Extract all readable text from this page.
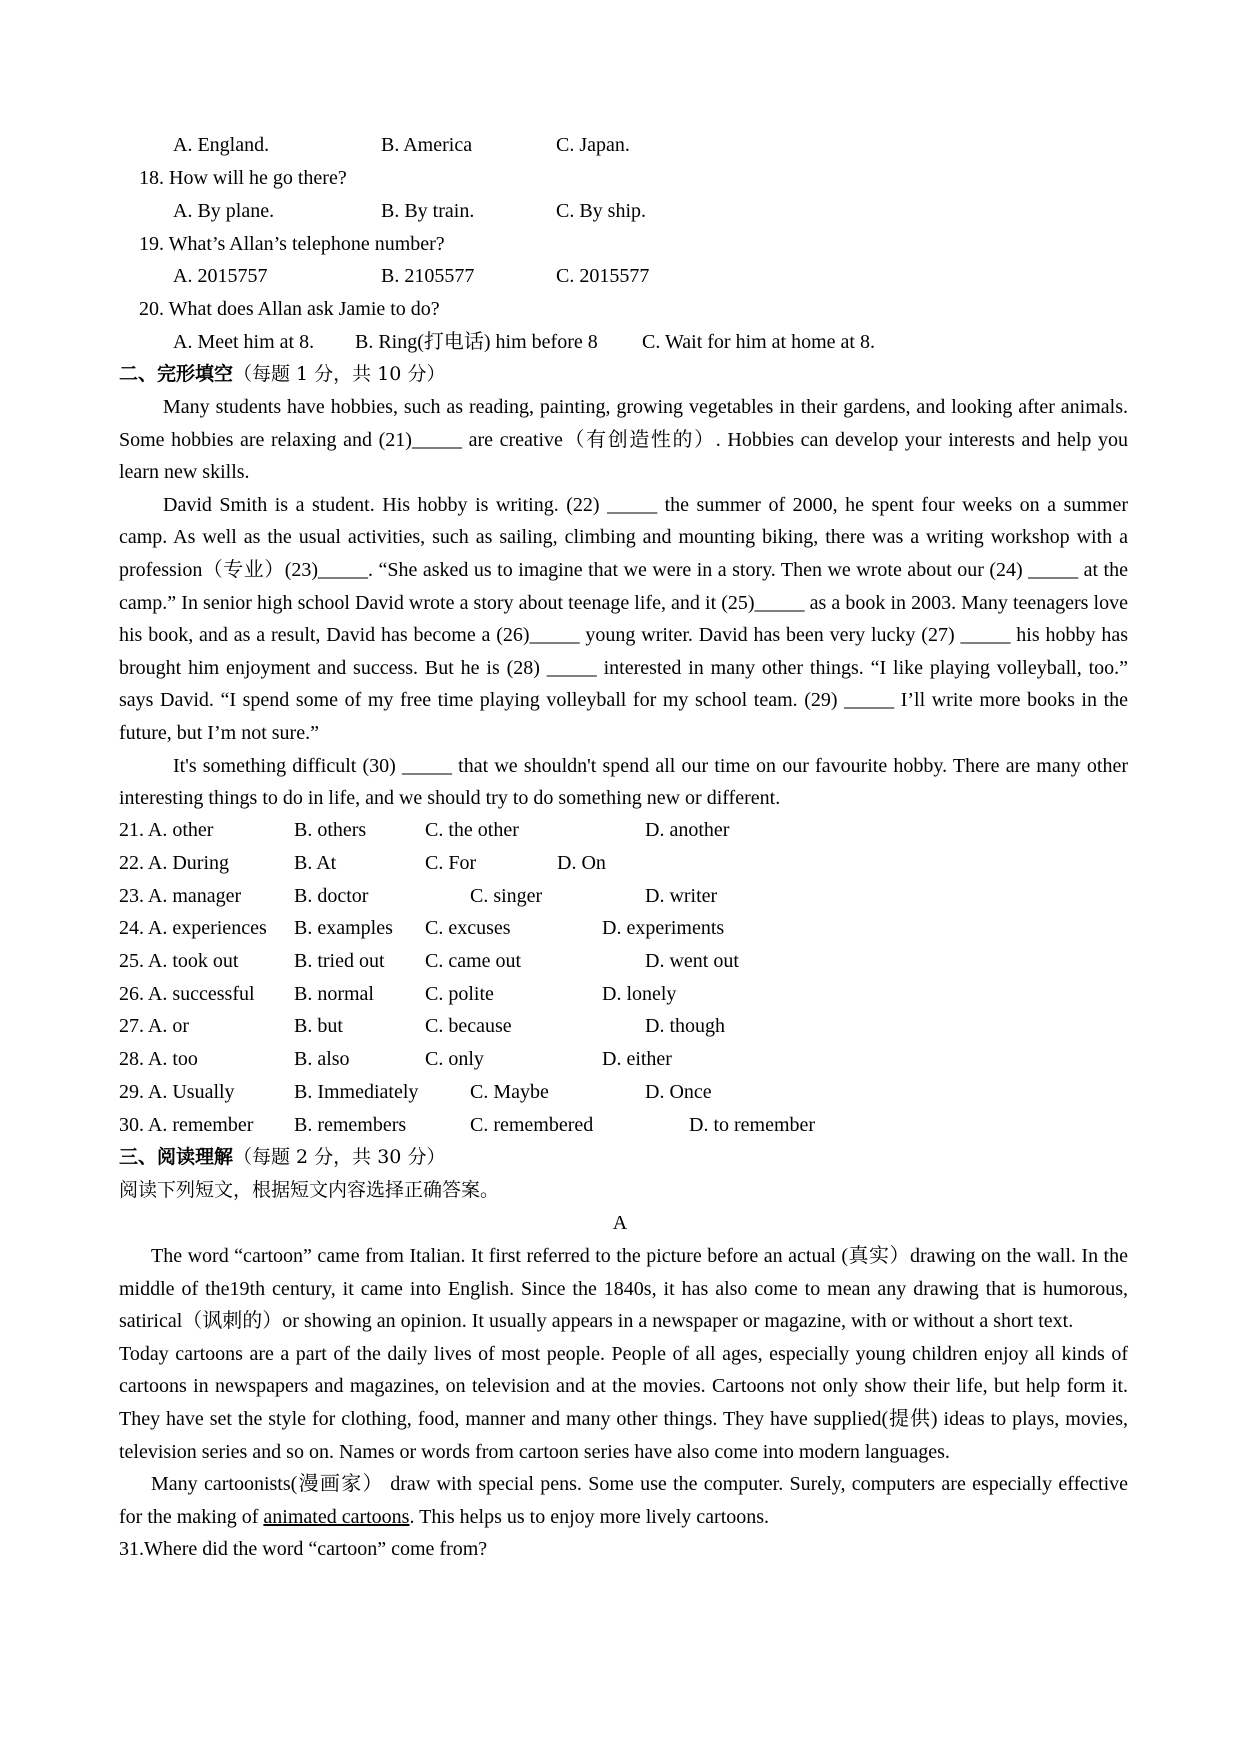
A. England.	B. America	C. Japan.
18. How will he go there?
A. By plane.	B. By train.	C. By ship.
19. What’s Allan’s telephone number?
A. 2015757	B. 2105577	C. 2015577
20. What does Allan ask Jamie to do?
A. Meet him at 8. B. Ring(打电话) him before 8 C. Wait for him at home at 8.
二、完形填空（每题 1 分，共 10 分）
Many students have hobbies, such as reading, painting, growing vegetables in their gardens, and looking after animals. Some hobbies are relaxing and (21)_____ are creative（有创造性的）. Hobbies can develop your interests and help you learn new skills.
David Smith is a student. His hobby is writing. (22) _____ the summer of 2000, he spent four weeks on a summer camp. As well as the usual activities, such as sailing, climbing and mounting biking, there was a writing workshop with a profession（专业）(23)_____. “She asked us to imagine that we were in a story. Then we wrote about our (24) _____ at the camp.” In senior high school David wrote a story about teenage life, and it (25)_____ as a book in 2003. Many teenagers love his book, and as a result, David has become a (26)_____ young writer. David has been very lucky (27) _____ his hobby has brought him enjoyment and success. But he is (28) _____ interested in many other things. “I like playing volleyball, too.” says David. “I spend some of my free time playing volleyball for my school team. (29) _____ I’ll write more books in the future, but I’m not sure.”
It's something difficult (30) _____ that we shouldn't spend all our time on our favourite hobby. There are many other interesting things to do in life, and we should try to do something new or different.
21. A. other	B. others	C. the other	D. another
22. A. During	B. At	C. For	D. On
23. A. manager	B. doctor	C. singer	D. writer
24. A. experiences B. examples C. excuses	D. experiments
25. A. took out	B. tried out C. came out	D. went out
26. A. successful B. normal	C. polite	D. lonely
27. A. or	B. but	C. because	D. though
28. A. too	B. also	C. only	D. either
29. A. Usually	B. Immediately	C. Maybe	D. Once
30. A. remember B. remembers	C. remembered	D. to remember
三、阅读理解（每题 2 分，共 30 分）
阅读下列短文，根据短文内容选择正确答案。
A
The word “cartoon” came from Italian. It first referred to the picture before an actual (真实）drawing on the wall. In the middle of the19th century, it came into English. Since the 1840s, it has also come to mean any drawing that is humorous, satirical（讽刺的）or showing an opinion. It usually appears in a newspaper or magazine, with or without a short text.
Today cartoons are a part of the daily lives of most people. People of all ages, especially young children enjoy all kinds of cartoons in newspapers and magazines, on television and at the movies. Cartoons not only show their life, but help form it. They have set the style for clothing, food, manner and many other things. They have supplied(提供) ideas to plays, movies, television series and so on. Names or words from cartoon series have also come into modern languages.
Many cartoonists(漫画家） draw with special pens. Some use the computer. Surely, computers are especially effective for the making of animated cartoons. This helps us to enjoy more lively cartoons.
31.Where did the word “cartoon” come from?
